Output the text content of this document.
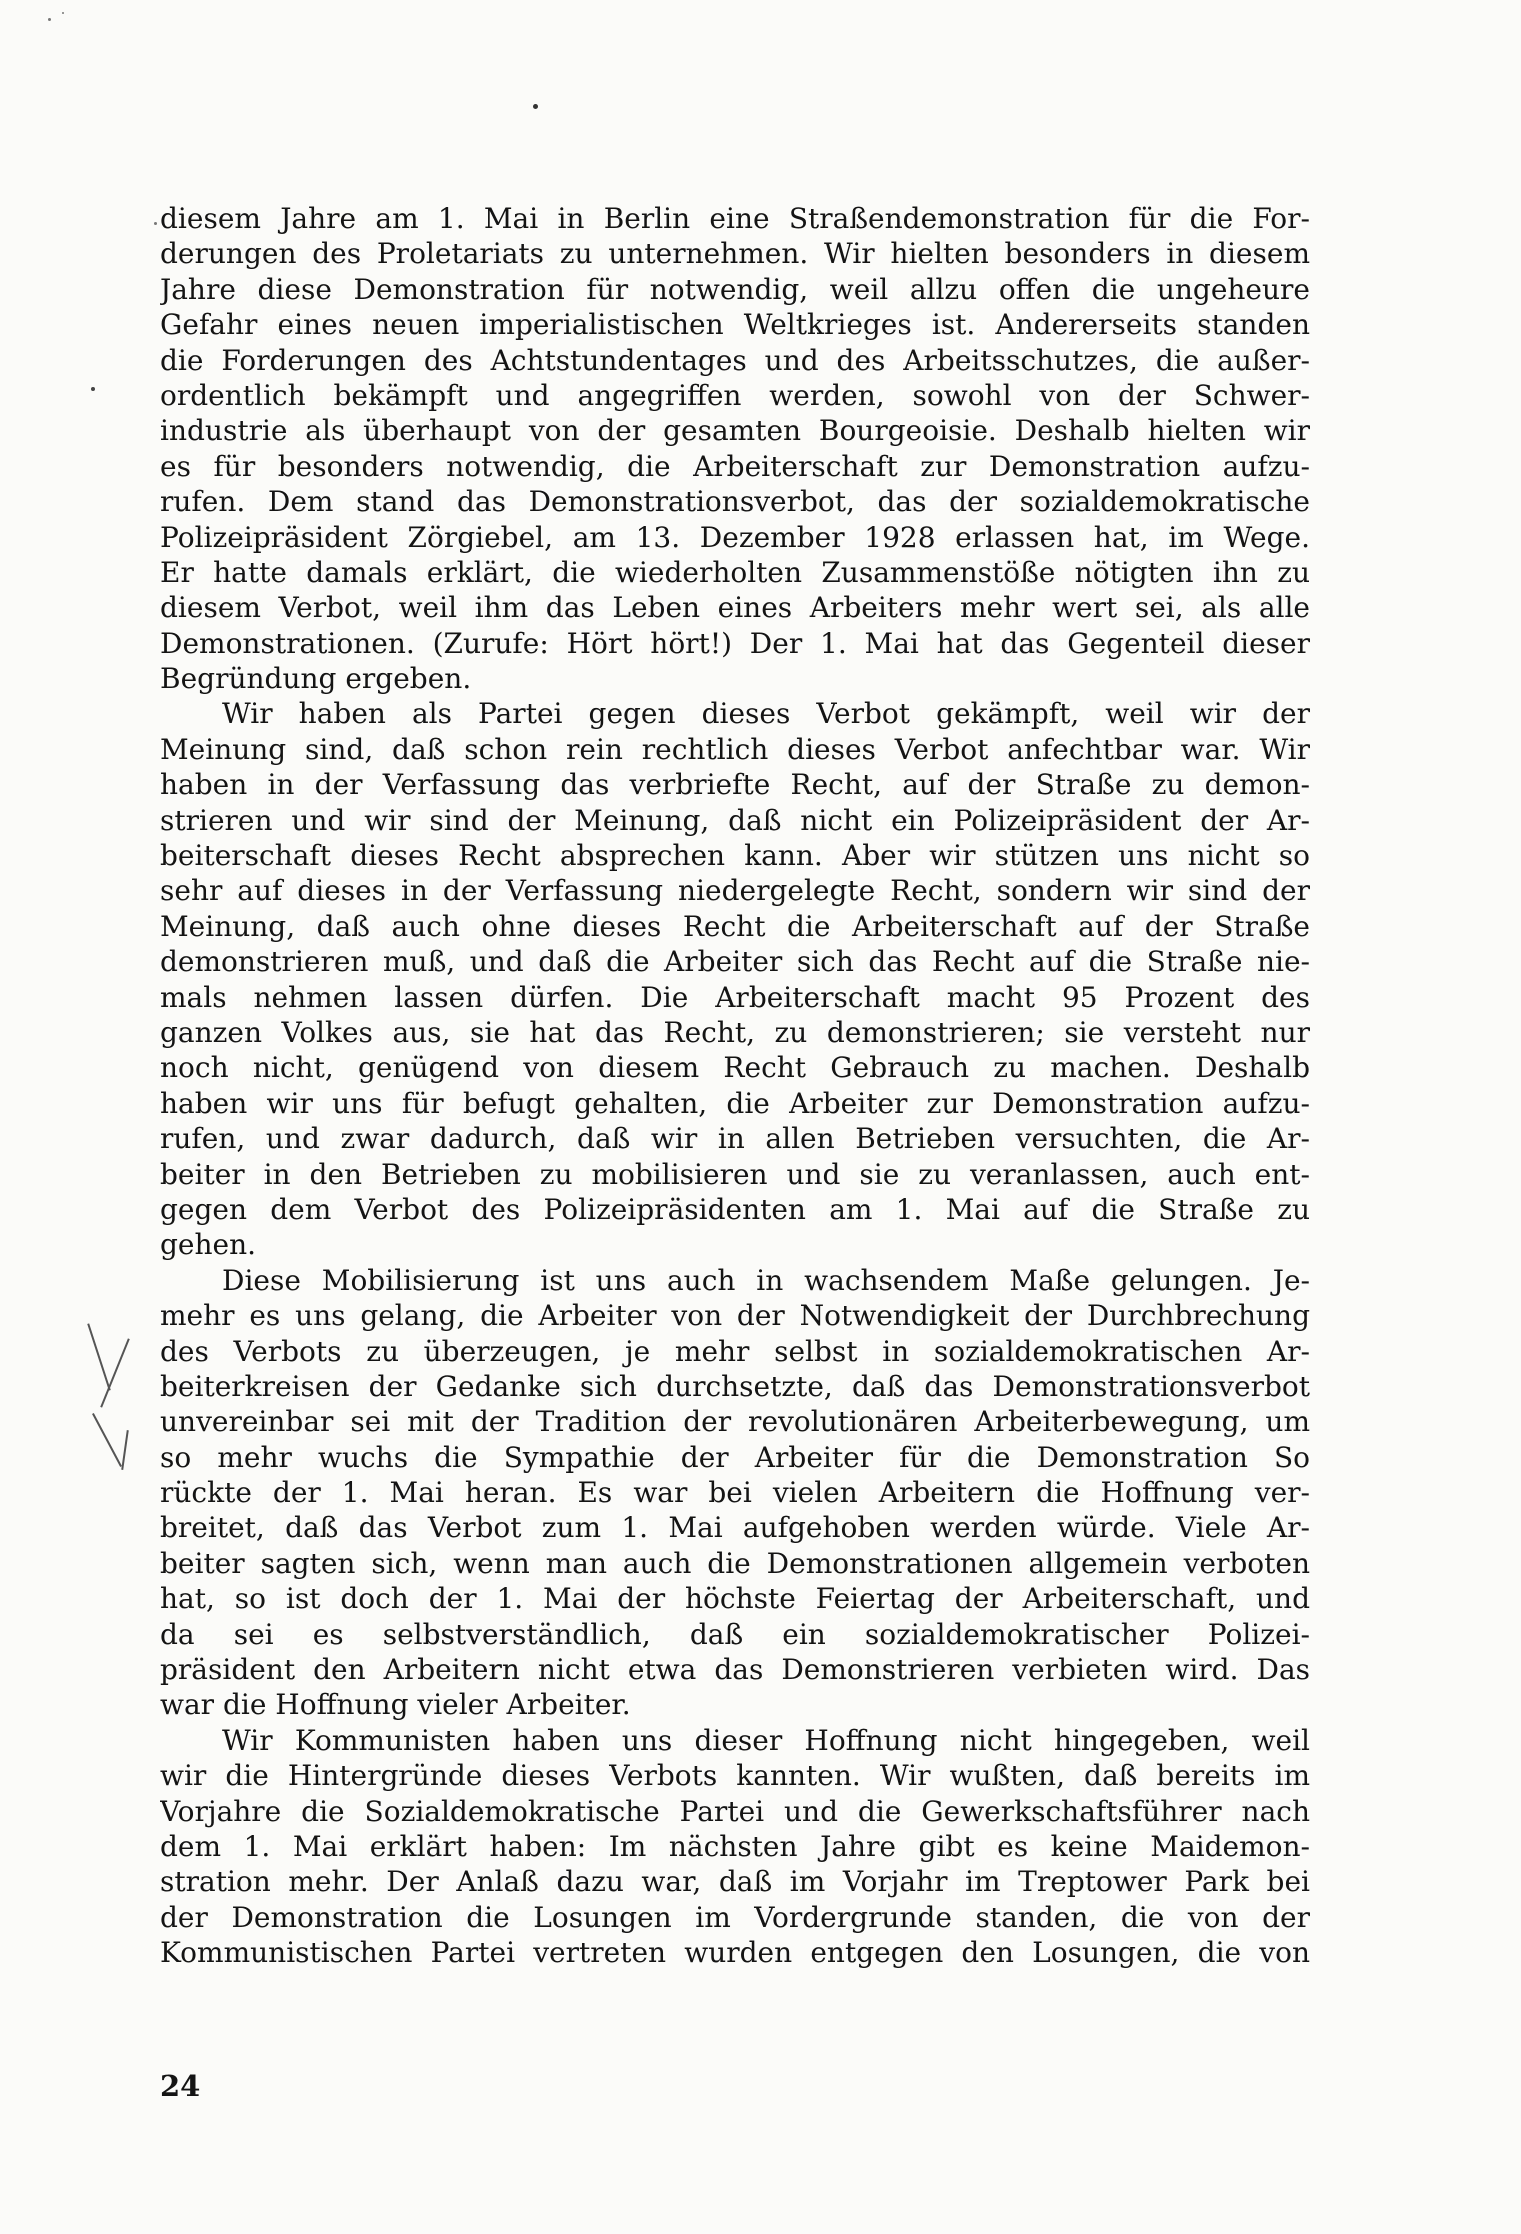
diesem Jahre am 1. Mai in Berlin eine Straßendemonstration für die For-
derungen des Proletariats zu unternehmen. Wir hielten besonders in diesem
Jahre diese Demonstration für notwendig, weil allzu offen die ungeheure
Gefahr eines neuen imperialistischen Weltkrieges ist. Andererseits standen
die Forderungen des Achtstundentages und des Arbeitsschutzes, die außer-
ordentlich bekämpft und angegriffen werden, sowohl von der Schwer-
industrie als überhaupt von der gesamten Bourgeoisie. Deshalb hielten wir
es für besonders notwendig, die Arbeiterschaft zur Demonstration aufzu-
rufen. Dem stand das Demonstrationsverbot, das der sozialdemokratische
Polizeipräsident Zörgiebel, am 13. Dezember 1928 erlassen hat, im Wege.
Er hatte damals erklärt, die wiederholten Zusammenstöße nötigten ihn zu
diesem Verbot, weil ihm das Leben eines Arbeiters mehr wert sei, als alle
Demonstrationen. (Zurufe: Hört hört!) Der 1. Mai hat das Gegenteil dieser
Begründung ergeben.
Wir haben als Partei gegen dieses Verbot gekämpft, weil wir der
Meinung sind, daß schon rein rechtlich dieses Verbot anfechtbar war. Wir
haben in der Verfassung das verbriefte Recht, auf der Straße zu demon-
strieren und wir sind der Meinung, daß nicht ein Polizeipräsident der Ar-
beiterschaft dieses Recht absprechen kann. Aber wir stützen uns nicht so
sehr auf dieses in der Verfassung niedergelegte Recht, sondern wir sind der
Meinung, daß auch ohne dieses Recht die Arbeiterschaft auf der Straße
demonstrieren muß, und daß die Arbeiter sich das Recht auf die Straße nie-
mals nehmen lassen dürfen. Die Arbeiterschaft macht 95 Prozent des
ganzen Volkes aus, sie hat das Recht, zu demonstrieren; sie versteht nur
noch nicht, genügend von diesem Recht Gebrauch zu machen. Deshalb
haben wir uns für befugt gehalten, die Arbeiter zur Demonstration aufzu-
rufen, und zwar dadurch, daß wir in allen Betrieben versuchten, die Ar-
beiter in den Betrieben zu mobilisieren und sie zu veranlassen, auch ent-
gegen dem Verbot des Polizeipräsidenten am 1. Mai auf die Straße zu
gehen.
Diese Mobilisierung ist uns auch in wachsendem Maße gelungen. Je-
mehr es uns gelang, die Arbeiter von der Notwendigkeit der Durchbrechung
des Verbots zu überzeugen, je mehr selbst in sozialdemokratischen Ar-
beiterkreisen der Gedanke sich durchsetzte, daß das Demonstrationsverbot
unvereinbar sei mit der Tradition der revolutionären Arbeiterbewegung, um
so mehr wuchs die Sympathie der Arbeiter für die Demonstration So
rückte der 1. Mai heran. Es war bei vielen Arbeitern die Hoffnung ver-
breitet, daß das Verbot zum 1. Mai aufgehoben werden würde. Viele Ar-
beiter sagten sich, wenn man auch die Demonstrationen allgemein verboten
hat, so ist doch der 1. Mai der höchste Feiertag der Arbeiterschaft, und
da sei es selbstverständlich, daß ein sozialdemokratischer Polizei-
präsident den Arbeitern nicht etwa das Demonstrieren verbieten wird. Das
war die Hoffnung vieler Arbeiter.
Wir Kommunisten haben uns dieser Hoffnung nicht hingegeben, weil
wir die Hintergründe dieses Verbots kannten. Wir wußten, daß bereits im
Vorjahre die Sozialdemokratische Partei und die Gewerkschaftsführer nach
dem 1. Mai erklärt haben: Im nächsten Jahre gibt es keine Maidemon-
stration mehr. Der Anlaß dazu war, daß im Vorjahr im Treptower Park bei
der Demonstration die Losungen im Vordergrunde standen, die von der
Kommunistischen Partei vertreten wurden entgegen den Losungen, die von
24
